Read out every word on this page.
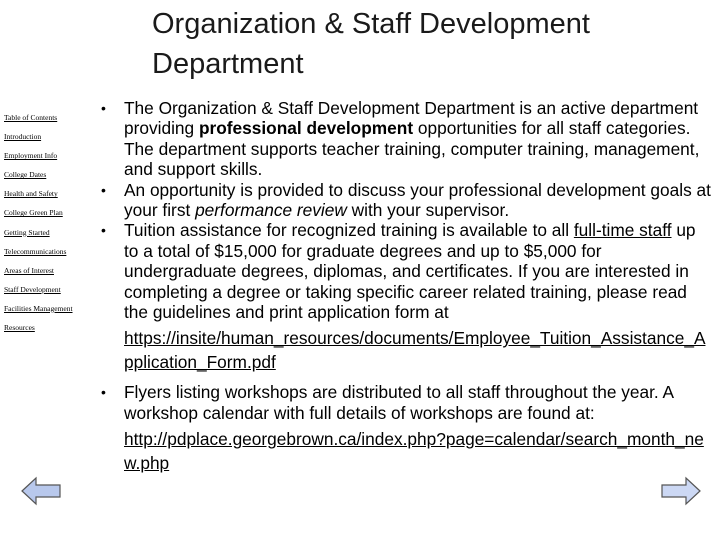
Organization & Staff Development
Department
Table of Contents
Introduction
Employment Info
College Dates
Health and Safety
College Green Plan
Getting Started
Telecommunications
Areas of Interest
Staff Development
Facilities Management
Resources
• The Organization & Staff Development Department is an active department providing professional development opportunities for all staff categories. The department supports teacher training, computer training, management, and support skills.
• An opportunity is provided to discuss your professional development goals at your first performance review with your supervisor.
• Tuition assistance for recognized training is available to all full-time staff up to a total of $15,000 for graduate degrees and up to $5,000 for undergraduate degrees, diplomas, and certificates. If you are interested in completing a degree or taking specific career related training, please read the guidelines and print application form at
https://insite/human_resources/documents/Employee_Tuition_Assistance_Application_Form.pdf
• Flyers listing workshops are distributed to all staff throughout the year. A workshop calendar with full details of workshops are found at:
http://pdplace.georgebrown.ca/index.php?page=calendar/search_month_new.php
